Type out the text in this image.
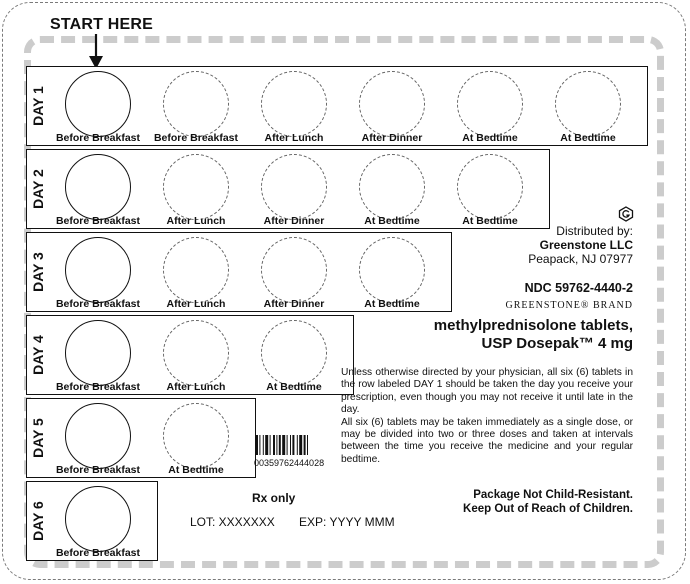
START HERE
DAY 1
Before Breakfast	Before Breakfast	After Lunch	After Dinner	At Bedtime	At Bedtime
DAY 2
Before Breakfast	After Lunch	After Dinner	At Bedtime	At Bedtime
DAY 3
Before Breakfast	After Lunch	After Dinner	At Bedtime
DAY 4
Before Breakfast	After Lunch	At Bedtime
DAY 5
Before Breakfast	At Bedtime
DAY 6
Before Breakfast
Distributed by:
Greenstone LLC
Peapack, NJ 07977
NDC 59762-4440-2
GREENSTONE® BRAND
methylprednisolone tablets,
USP Dosepak™ 4 mg
Unless otherwise directed by your physician, all six (6) tablets in the row labeled DAY 1 should be taken the day you receive your prescription, even though you may not receive it until late in the day.
All six (6) tablets may be taken immediately as a single dose, or may be divided into two or three doses and taken at intervals between the time you receive the medicine and your regular bedtime.
00359762444028
Rx only
LOT: XXXXXXX EXP: YYYY MMM
Package Not Child-Resistant.
Keep Out of Reach of Children.
